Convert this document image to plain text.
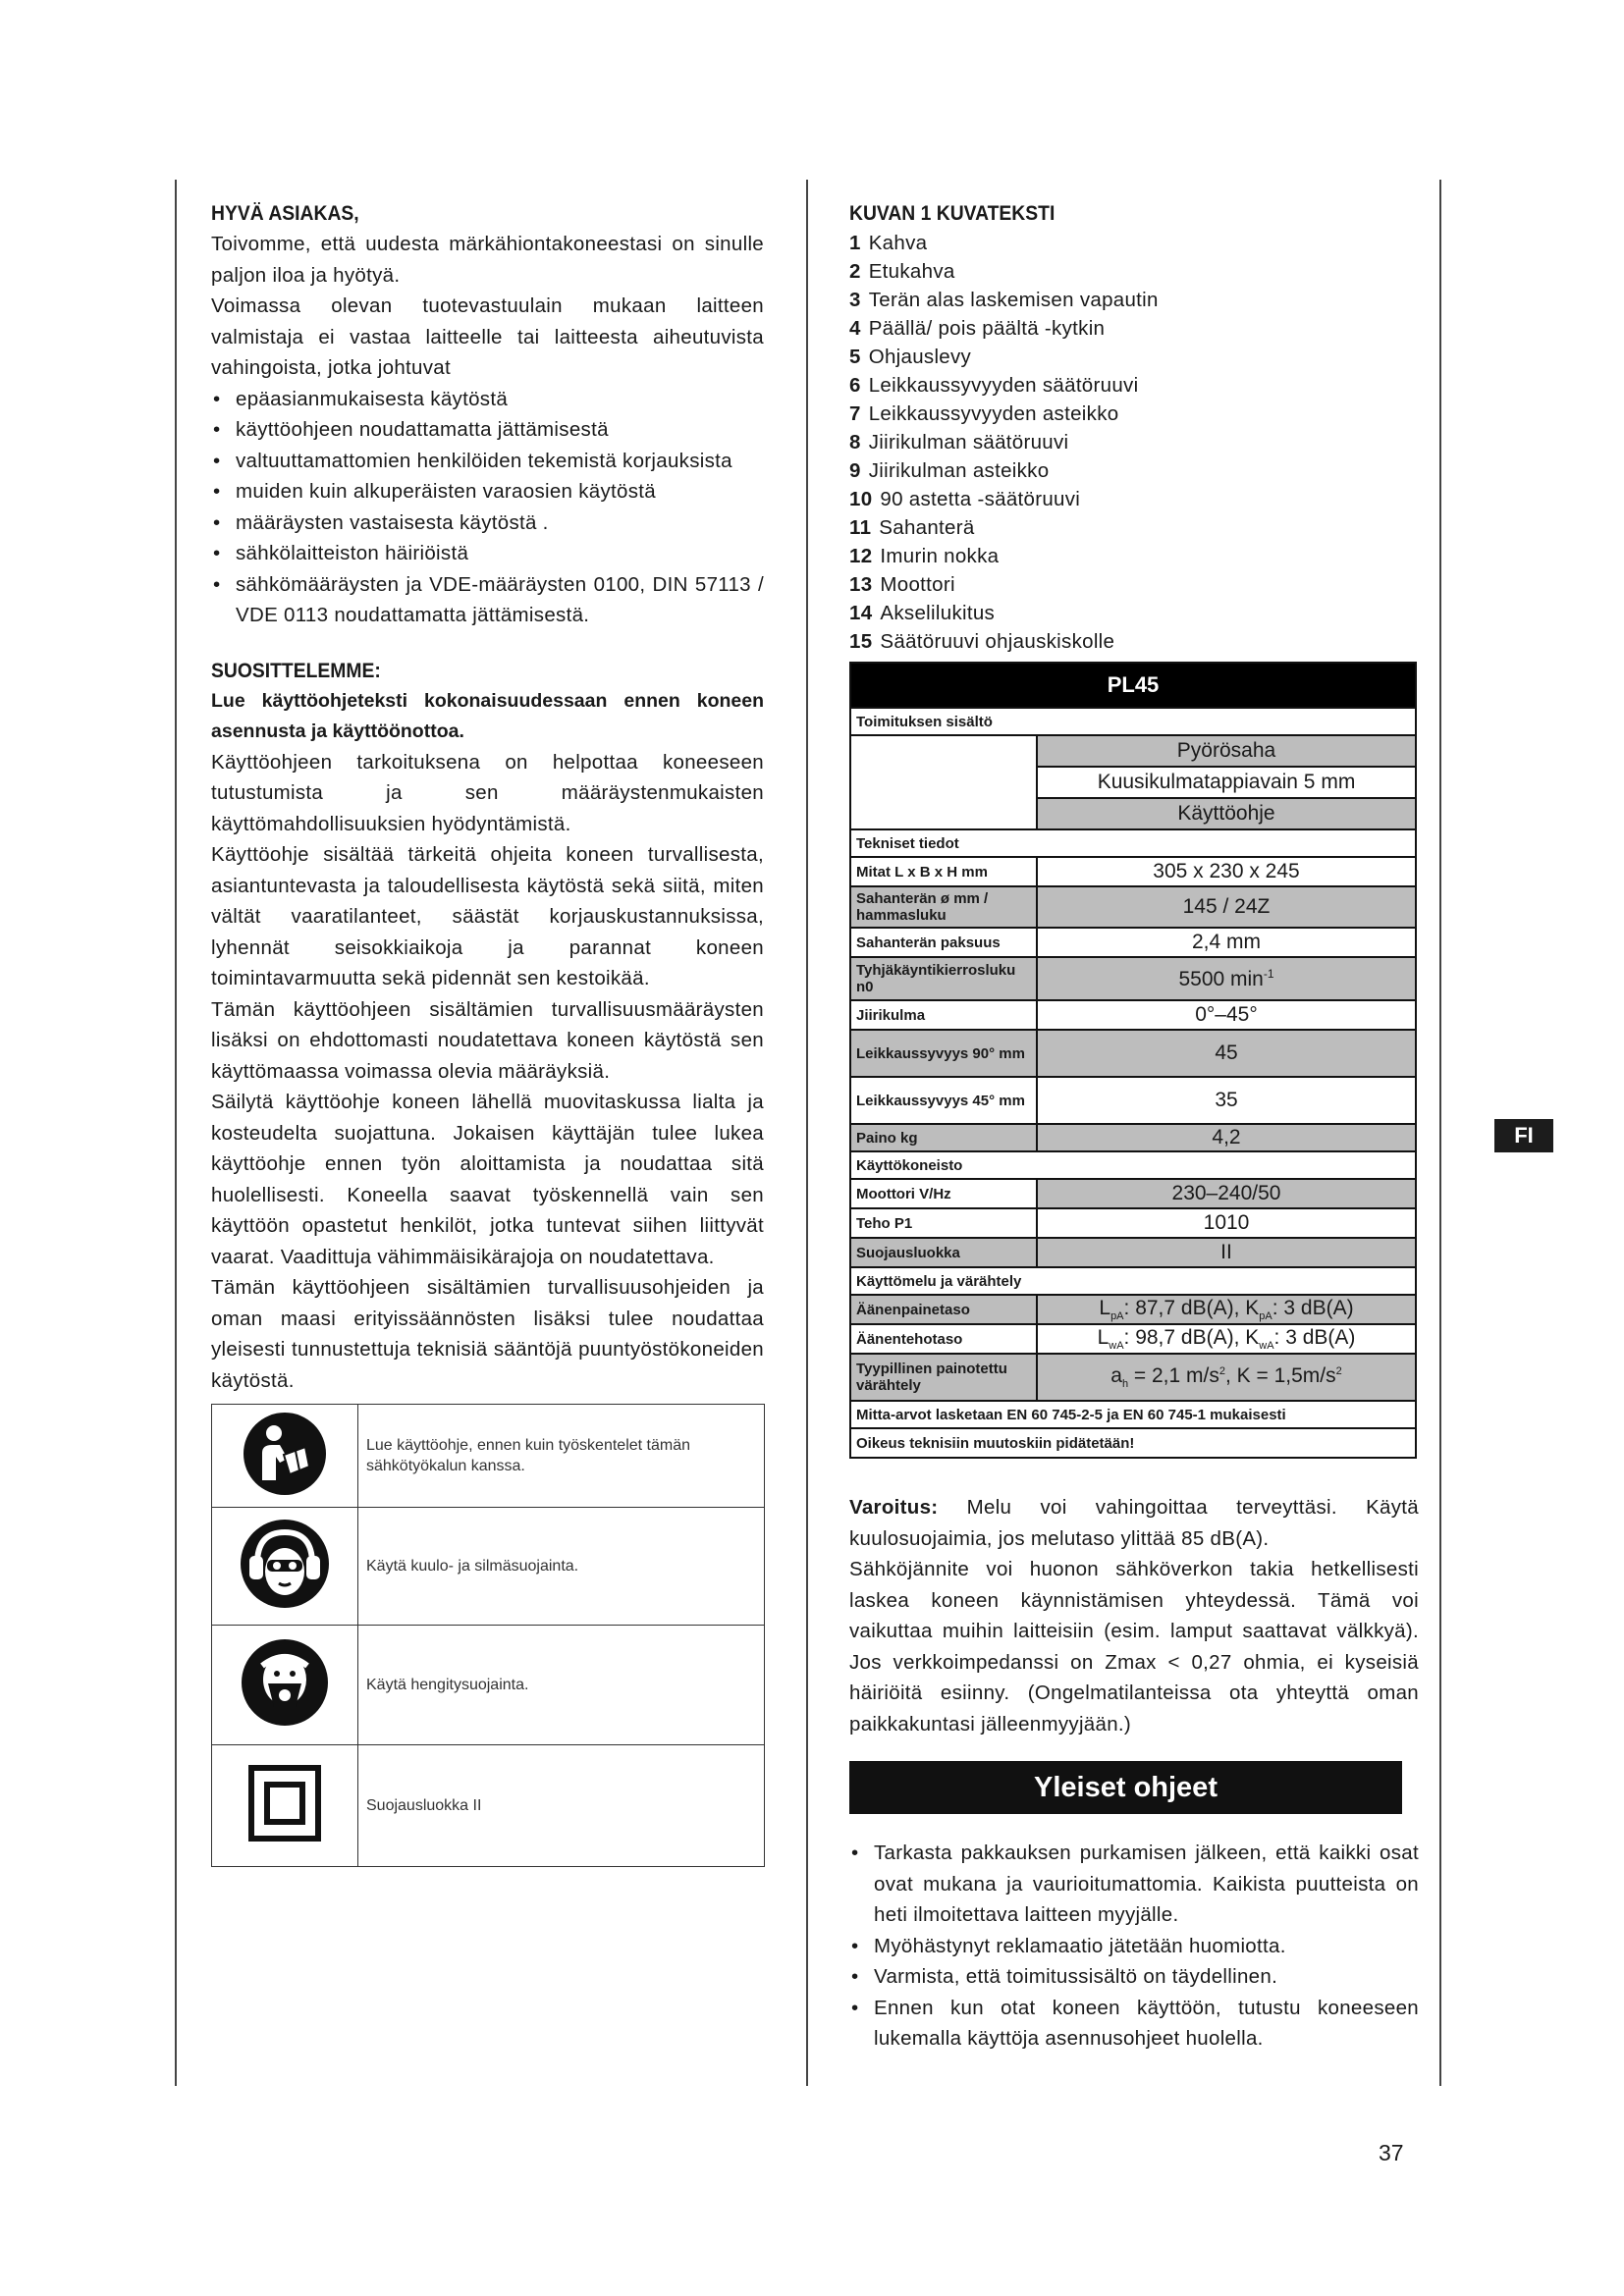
HYVÄ ASIAKAS,

Toivomme, että uudesta märkähiontakoneestasi on sinulle paljon iloa ja hyötyä.

Voimassa olevan tuotevastuulain mukaan laitteen valmistaja ei vastaa laitteelle tai laitteesta aiheutuvista vahingoista, jotka johtuvat

• epäasianmukaisesta käytöstä
• käyttöohjeen noudattamatta jättämisestä
• valtuuttamattomien henkilöiden tekemistä korjauksista
• muiden kuin alkuperäisten varaosien käytöstä
• määräysten vastaisesta käytöstä .
• sähkölaitteiston häiriöistä
• sähkömääräysten ja VDE-määräysten 0100, DIN 57113 / VDE 0113 noudattamatta jättämisestä.

SUOSITTELEMME:

Lue käyttöohjeteksti kokonaisuudessaan ennen koneen asennusta ja käyttöönottoa.

Käyttöohjeen tarkoituksena on helpottaa koneeseen tutustumista ja sen määräystenmukaisten käyttömahdollisuuksien hyödyntämistä.

Käyttöohje sisältää tärkeitä ohjeita koneen turvallisesta, asiantuntevasta ja taloudellisesta käytöstä sekä siitä, miten vältät vaaratilanteet, säästät korjauskustannuksissa, lyhennät seisokkiaikoja ja parannat koneen toimintavarmuutta sekä pidennät sen kestoikää.

Tämän käyttöohjeen sisältämien turvallisuusmääräysten lisäksi on ehdottomasti noudatettava koneen käytöstä sen käyttömaassa voimassa olevia määräyksiä.

Säilytä käyttöohje koneen lähellä muovitaskussa lialta ja kosteudelta suojattuna. Jokaisen käyttäjän tulee lukea käyttöohje ennen työn aloittamista ja noudattaa sitä huolellisesti. Koneella saavat työskennellä vain sen käyttöön opastetut henkilöt, jotka tuntevat siihen liittyvät vaarat. Vaadittuja vähimmäisikärajoja on noudatettava.

Tämän käyttöohjeen sisältämien turvallisuusohjeiden ja oman maasi erityissäännösten lisäksi tulee noudattaa yleisesti tunnustettuja teknisiä sääntöjä puuntyöstökoneiden käytöstä.

	Lue käyttöohje, ennen kuin työskentelet tämän sähkötyökalun kanssa.
	Käytä kuulo- ja silmäsuojainta.
	Käytä hengitysuojainta.
	Suojausluokka II

KUVAN 1 KUVATEKSTI

1 Kahva
2 Etukahva
3 Terän alas laskemisen vapautin
4 Päällä/ pois päältä -kytkin
5 Ohjauslevy
6 Leikkaussyvyyden säätöruuvi
7 Leikkaussyvyyden asteikko
8 Jiirikulman säätöruuvi
9 Jiirikulman asteikko
10 90 astetta -säätöruuvi
11 Sahanterä
12 Imurin nokka
13 Moottori
14 Akselilukitus
15 Säätöruuvi ohjauskiskolle
PL45	
Toimituksen sisältö	
	Pyörösaha
	Kuusikulmatappiavain 5 mm
	Käyttöohje
Tekniset tiedot	
Mitat L x B x H mm	305 x 230 x 245
Sahanterän ø mm / hammasluku	145 / 24Z
Sahanterän paksuus	2,4 mm
Tyhjäkäyntikierrosluku n0	5500 $\min^{-1}$
Jiirikulma	0°–45°
Leikkaussyvyys 90° mm	45
Leikkaussyvyys 45° mm	35
Paino kg	4,2
Käyttökoneisto	
Moottori V/Hz	230–240/50
Teho P1	1010
Suojausluokka	II
Käyttömelu ja värähtely	
Äänenpainetaso	$L_{pA}$: 87,7 dB(A), $K_{pA}$: 3 dB(A)
Äänentehotaso	$L_{wA}$: 98,7 dB(A), $K_{wA}$: 3 dB(A)
Tyypillinen painotettu värähtely	$a_h = 2,1$ $m/s^2$, $K = 1,5m/s^2$
Mitta-arvot lasketaan EN 60 745-2-5 ja EN 60 745-1 mukaisesti	
Oikeus teknisiin muutoskiin pidätetään!	

Varoitus: Melu voi vahingoittaa terveyttäsi. Käytä kuulosuojaimia, jos melutaso ylittää 85 dB(A).

Sähköjännite voi huonon sähköverkon takia hetkellisesti laskea koneen käynnistämisen yhteydessä. Tämä voi vaikuttaa muihin laitteisiin (esim. lamput saattavat välkkyä). Jos verkkoimpedanssi on Zmax < 0,27 ohmia, ei kyseisiä häiriöitä esiinny. (Ongelmatilanteissa ota yhteyttä oman paikkakuntasi jälleenmyyjään.)

Yleiset ohjeet
• Tarkasta pakkauksen purkamisen jälkeen, että kaikki osat ovat mukana ja vaurioitumattomia. Kaikista puutteista on heti ilmoitettava laitteen myyjälle.
• Myöhästynyt reklamaatio jätetään huomiotta.
• Varmista, että toimitussisältö on täydellinen.
• Ennen kun otat koneen käyttöön, tutustu koneeseen lukemalla käyttöja asennusohjeet huolella.
FI
37
